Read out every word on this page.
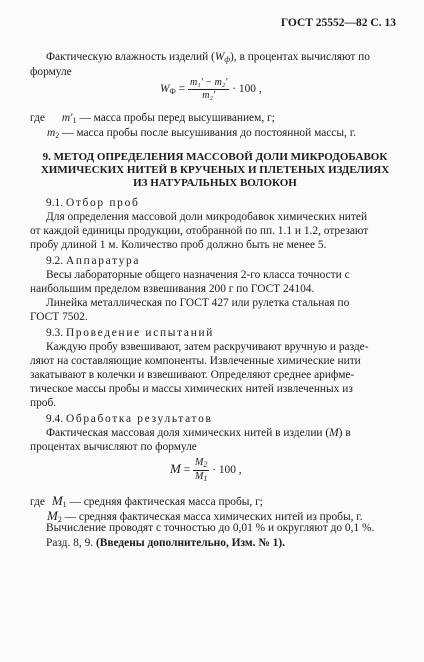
ГОСТ 25552—82 С. 13
Фактическую влажность изделий $(W_ф)$, в процентах вычисляют по
формуле
$W_Ф = \frac{\text{m₁' − m₂'}}{\text{m₂'}} \cdot 100$ ,
где $m'_1$ — масса пробы перед высушиванием, г;
$m_2$ — масса пробы после высушивания до постоянной массы, г.
9. МЕТОД ОПРЕДЕЛЕНИЯ МАССОВОЙ ДОЛИ МИКРОДОБАВОК
ХИМИЧЕСКИХ НИТЕЙ В КРУЧЕНЫХ И ПЛЕТЕНЫХ ИЗДЕЛИЯХ
ИЗ НАТУРАЛЬНЫХ ВОЛОКОН
9.1. Отбор проб
Для определения массовой доли микродобавок химических нитей
от каждой единицы продукции, отобранной по пп. 1.1 и 1.2, отрезают
пробу длиной 1 м. Количество проб должно быть не менее 5.
9.2. Аппаратура
Весы лабораторные общего назначения 2-го класса точности с
наибольшим пределом взвешивания 200 г по ГОСТ 24104.
Линейка металлическая по ГОСТ 427 или рулетка стальная по
ГОСТ 7502.
9.3. Проведение испытаний
Каждую пробу взвешивают, затем раскручивают вручную и разде-
ляют на составляющие компоненты. Извлеченные химические нити
закатывают в колечки и взвешивают. Определяют среднее арифме-
тическое массы пробы и массы химических нитей извлеченных из
проб.
9.4. Обработка результатов
Фактическая массовая доля химических нитей в изделии (M) в
процентах вычисляют по формуле
$M = \frac{M_2}{M_1} \cdot 100$ ,
где $M_1$ — средняя фактическая масса пробы, г;
$M_2$ — средняя фактическая масса химических нитей из пробы, г.
Вычисление проводят с точностью до 0,01 % и округляют до 0,1 %.
Разд. 8, 9. (Введены дополнительно, Изм. № 1).
